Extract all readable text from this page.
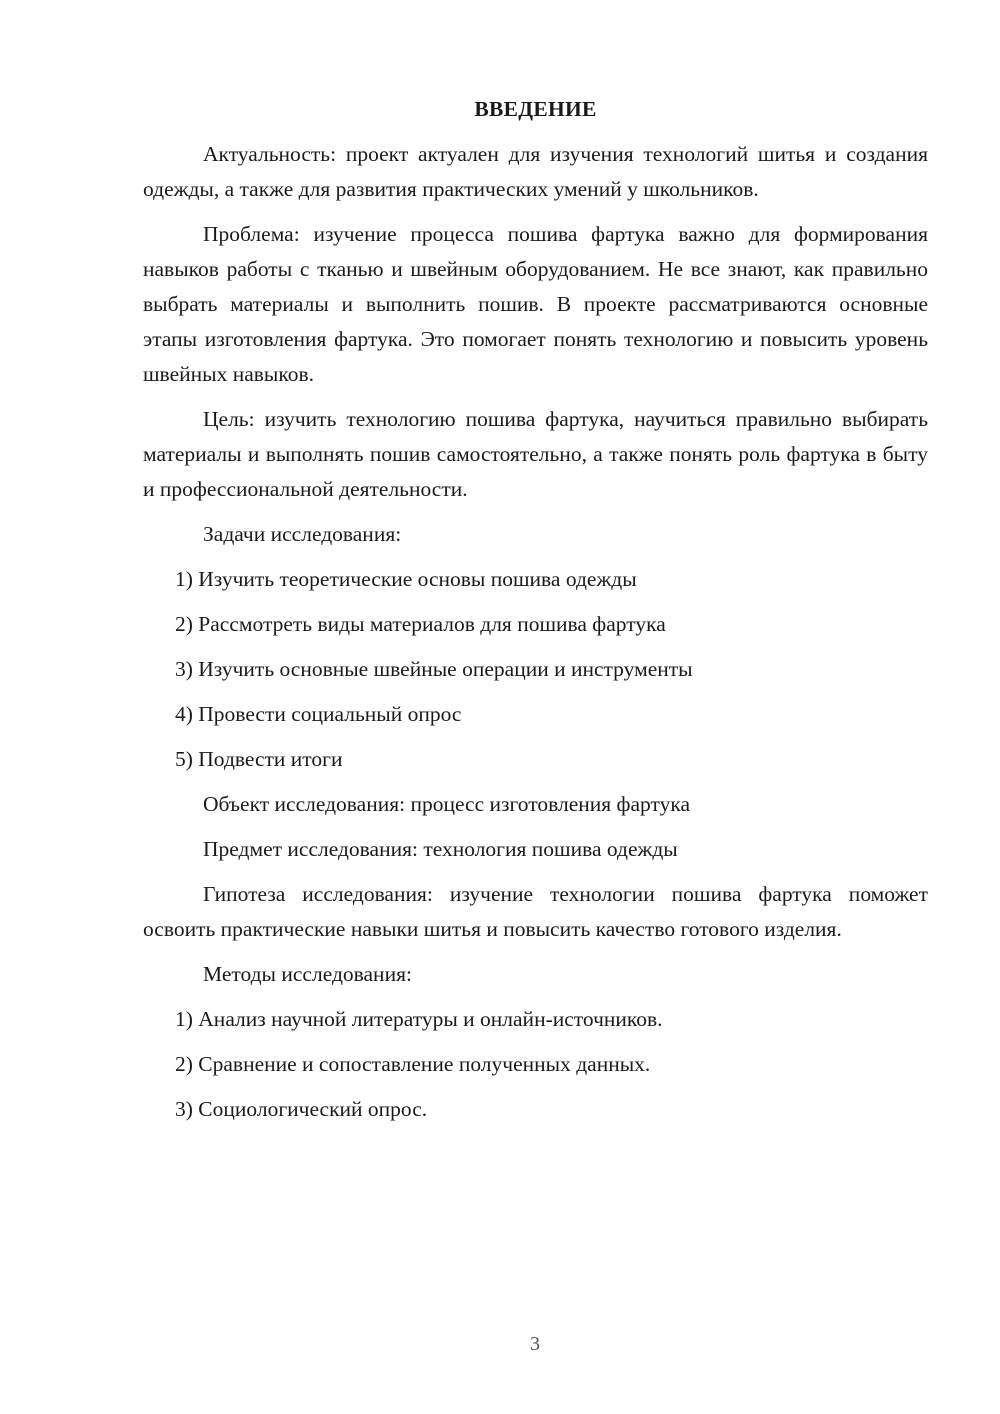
ВВЕДЕНИЕ
Актуальность: проект актуален для изучения технологий шитья и создания одежды, а также для развития практических умений у школьников.
Проблема: изучение процесса пошива фартука важно для формирования навыков работы с тканью и швейным оборудованием. Не все знают, как правильно выбрать материалы и выполнить пошив. В проекте рассматриваются основные этапы изготовления фартука. Это помогает понять технологию и повысить уровень швейных навыков.
Цель: изучить технологию пошива фартука, научиться правильно выбирать материалы и выполнять пошив самостоятельно, а также понять роль фартука в быту и профессиональной деятельности.
Задачи исследования:
1) Изучить теоретические основы пошива одежды
2) Рассмотреть виды материалов для пошива фартука
3) Изучить основные швейные операции и инструменты
4) Провести социальный опрос
5) Подвести итоги
Объект исследования: процесс изготовления фартука
Предмет исследования: технология пошива одежды
Гипотеза исследования: изучение технологии пошива фартука поможет освоить практические навыки шитья и повысить качество готового изделия.
Методы исследования:
1) Анализ научной литературы и онлайн-источников.
2) Сравнение и сопоставление полученных данных.
3) Социологический опрос.
3
